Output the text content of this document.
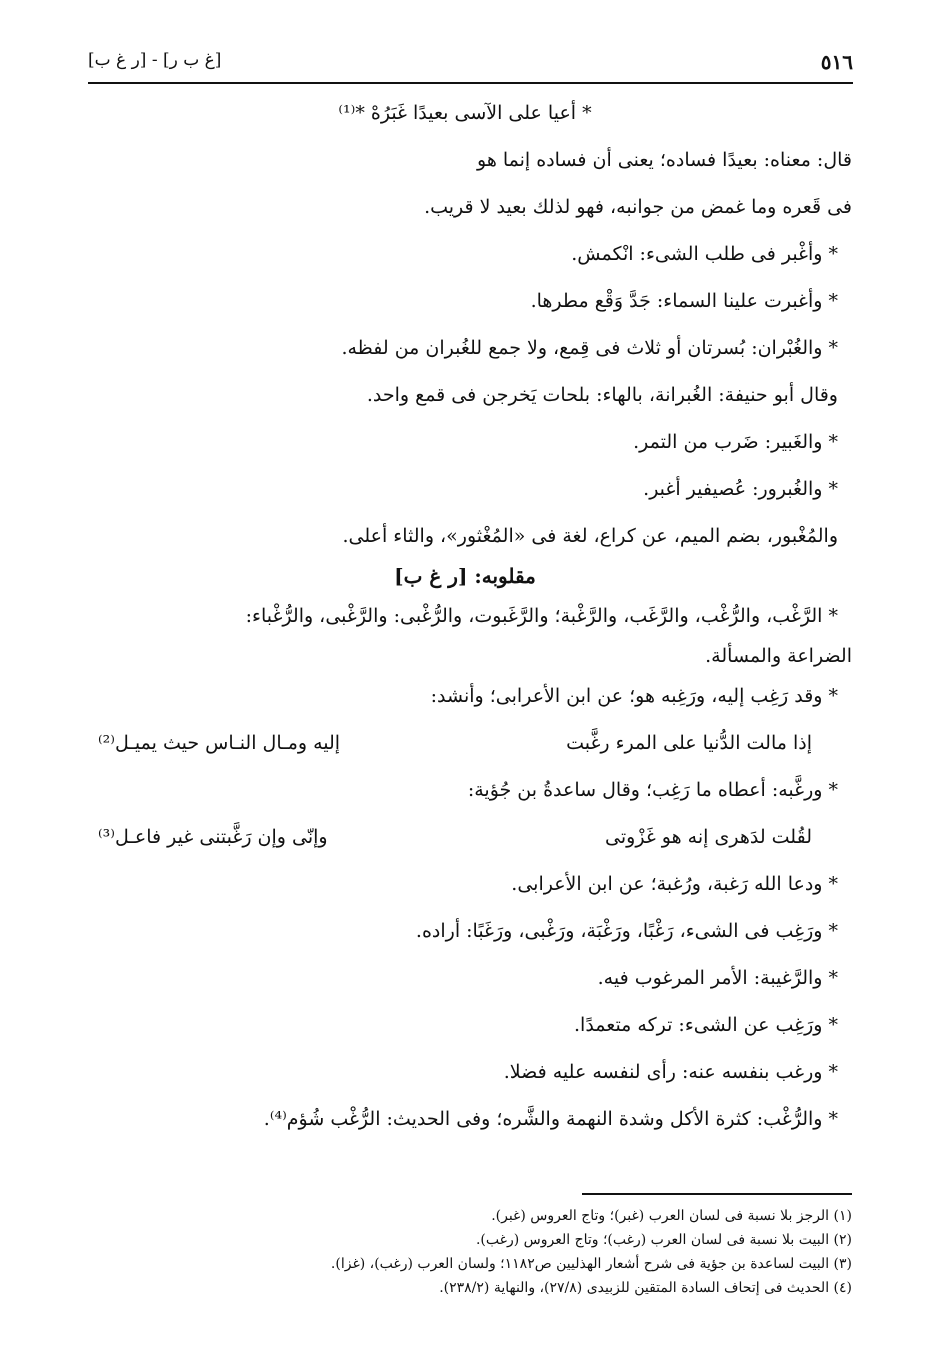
٥١٦
[غ ب ر] - [ر غ ب]
* أعيا على الآسى بعيدًا غَبَرُهْ *⁽¹⁾
قال: معناه: بعيدًا فساده؛ يعنى أن فساده إنما هو
فى قَعره وما غمض من جوانبه، فهو لذلك بعيد لا قريب.
* وأغْبر فى طلب الشىء: انْكمش.
* وأغبرت علينا السماء: جَدَّ وَقْع مطرها.
* والغُبْران: بُسرتان أو ثلاث فى قِمع، ولا جمع للغُبران من لفظه.
وقال أبو حنيفة: الغُبرانة، بالهاء: بلحات يَخرجن فى قمع واحد.
* والغَبير: ضَرب من التمر.
* والغُبرور: عُصيفير أغبر.
والمُغْبور، بضم الميم، عن كراع، لغة فى «المُغْثور»، والثاء أعلى.
مقلوبه: [ر غ ب]
* الرَّغْب، والرُّغْب، والرَّغَب، والرَّغْبة؛ والرَّغَبوت، والرُّغْبى: والرَّغْبى، والرُّغْباء:
الضراعة والمسألة.
* وقد رَغِب إليه، ورَغِبه هو؛ عن ابن الأعرابى؛ وأنشد:
إذا مالت الدُّنيا على المرء رغَّبت
إليه ومـال النـاس حيث يميـل⁽²⁾
* ورغَّبه: أعطاه ما رَغِب؛ وقال ساعدةُ بن جُؤية:
لقُلت لدَهرى إنه هو غَزْوتى
وإنّى وإن رَغَّبتنى غير فاعـل⁽³⁾
* ودعا الله رَغبة، ورُغبة؛ عن ابن الأعرابى.
* ورَغِب فى الشىء، رَغْبًا، ورَغْبَة، ورَغْبى، ورَغَبًا: أراده.
* والرَّغيبة: الأمر المرغوب فيه.
* ورَغِب عن الشىء: تركه متعمدًا.
* ورغب بنفسه عنه: رأى لنفسه عليه فضلا.
* والرُّغْب: كثرة الأكل وشدة النهمة والشَّره؛ وفى الحديث: الرُّغْب شُؤم⁽⁴⁾.
(١) الرجز بلا نسبة فى لسان العرب (غبر)؛ وتاج العروس (غبر).
(٢) البيت بلا نسبة فى لسان العرب (رغب)؛ وتاج العروس (رغب).
(٣) البيت لساعدة بن جؤية فى شرح أشعار الهذليين ص١١٨٢؛ ولسان العرب (رغب)، (غزا).
(٤) الحديث فى إتحاف السادة المتقين للزبيدى (٢٧/٨)، والنهاية (٢٣٨/٢).
